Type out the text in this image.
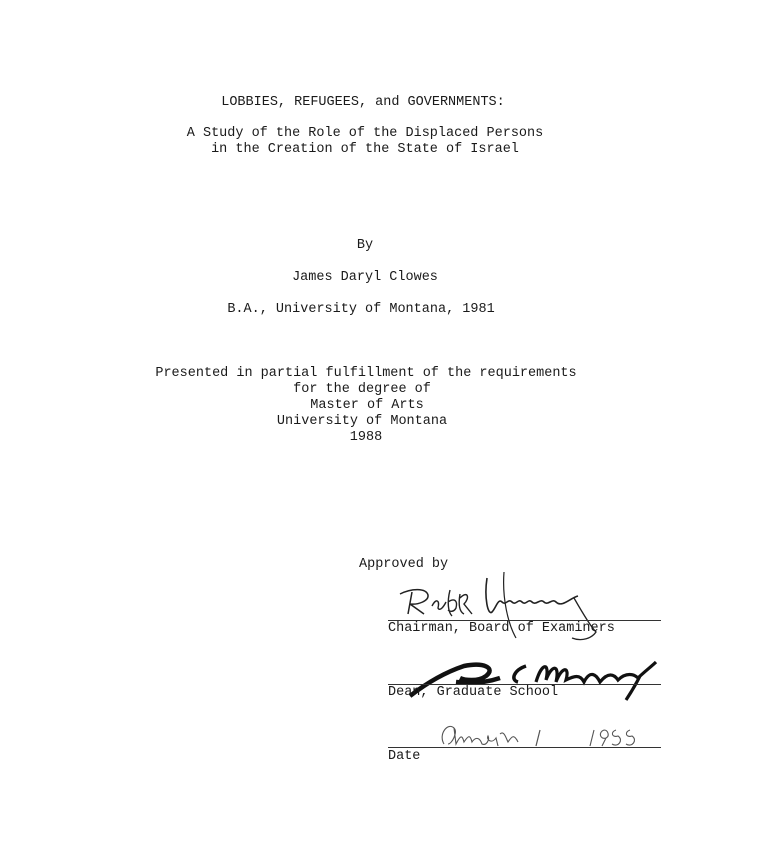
LOBBIES, REFUGEES, and GOVERNMENTS:
A Study of the Role of the Displaced Persons
in the Creation of the State of Israel
By
James Daryl Clowes
B.A., University of Montana, 1981
Presented in partial fulfillment of the requirements
for the degree of
Master of Arts
University of Montana
1988
Approved by
Chairman, Board of Examiners
Dean, Graduate School
Date
